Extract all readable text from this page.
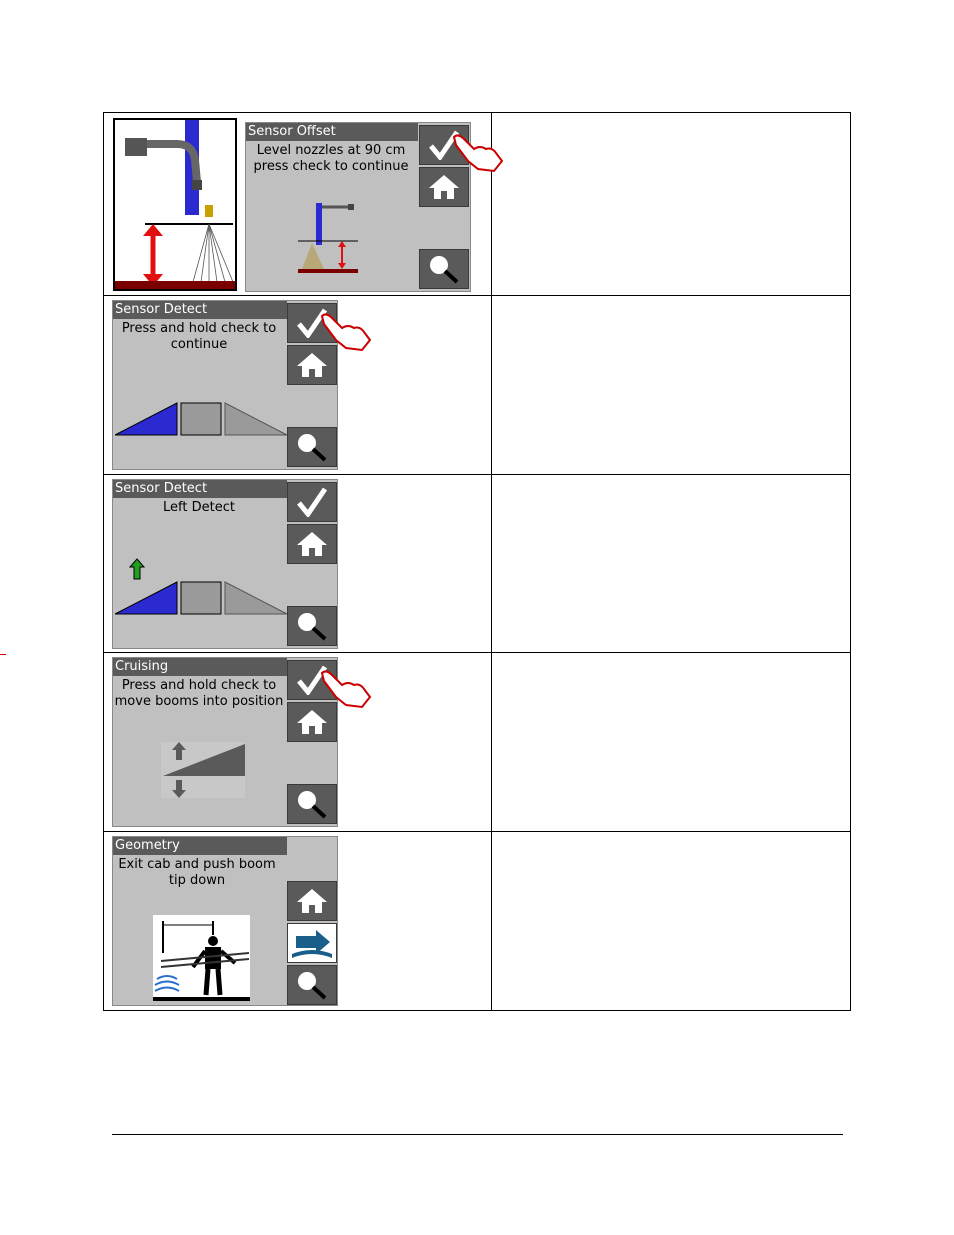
Sensor Offset
Level nozzles at 90 cm
press check to continue
Sensor Detect
Press and hold check to
continue
Sensor Detect
Left Detect
Cruising
Press and hold check to
move booms into position
Geometry
Exit cab and push boom
tip down
